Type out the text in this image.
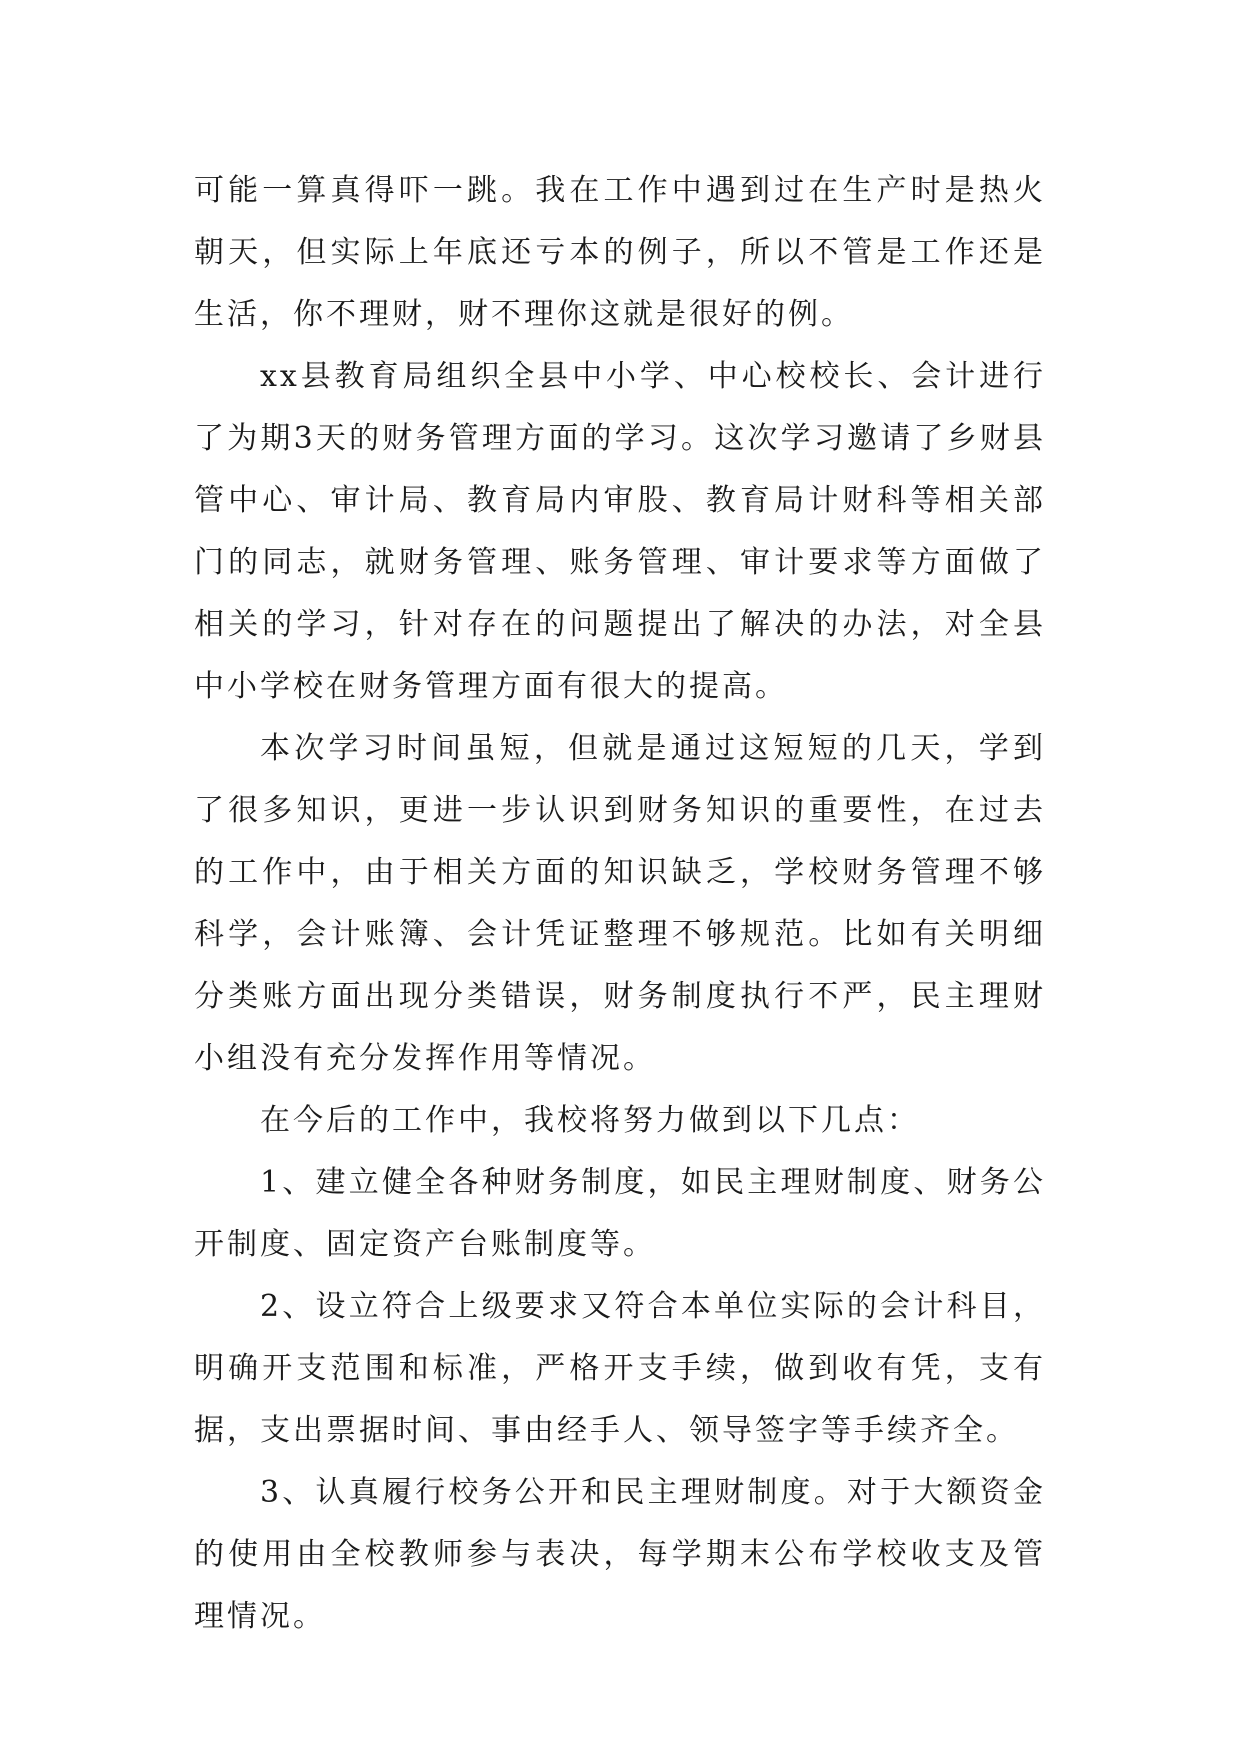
可能一算真得吓一跳。我在工作中遇到过在生产时是热火朝天，但实际上年底还亏本的例子，所以不管是工作还是生活，你不理财，财不理你这就是很好的例。

xx县教育局组织全县中小学、中心校校长、会计进行了为期3天的财务管理方面的学习。这次学习邀请了乡财县管中心、审计局、教育局内审股、教育局计财科等相关部门的同志，就财务管理、账务管理、审计要求等方面做了相关的学习，针对存在的问题提出了解决的办法，对全县中小学校在财务管理方面有很大的提高。

本次学习时间虽短，但就是通过这短短的几天，学到了很多知识，更进一步认识到财务知识的重要性，在过去的工作中，由于相关方面的知识缺乏，学校财务管理不够科学，会计账簿、会计凭证整理不够规范。比如有关明细分类账方面出现分类错误，财务制度执行不严，民主理财小组没有充分发挥作用等情况。

在今后的工作中，我校将努力做到以下几点：

1、建立健全各种财务制度，如民主理财制度、财务公开制度、固定资产台账制度等。

2、设立符合上级要求又符合本单位实际的会计科目，明确开支范围和标准，严格开支手续，做到收有凭，支有据，支出票据时间、事由经手人、领导签字等手续齐全。

3、认真履行校务公开和民主理财制度。对于大额资金的使用由全校教师参与表决，每学期末公布学校收支及管理情况。
